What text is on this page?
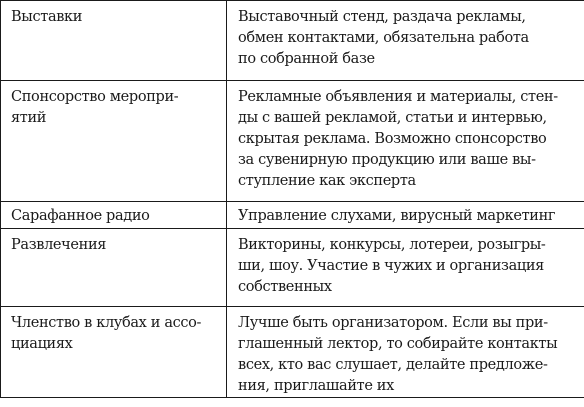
Выставки	Выставочный стенд, раздача рекламы,
обмен контактами, обязательна работа
по собранной базе

Спонсорство меропри-
ятий	Рекламные объявления и материалы, стен-
ды с вашей рекламой, статьи и интервью,
скрытая реклама. Возможно спонсорство
за сувенирную продукцию или ваше вы-
ступление как эксперта

Сарафанное радио	Управление слухами, вирусный маркетинг

Развлечения	Викторины, конкурсы, лотереи, розыгры-
ши, шоу. Участие в чужих и организация
собственных

Членство в клубах и ассо-
циациях	Лучше быть организатором. Если вы при-
глашенный лектор, то собирайте контакты
всех, кто вас слушает, делайте предложе-
ния, приглашайте их
